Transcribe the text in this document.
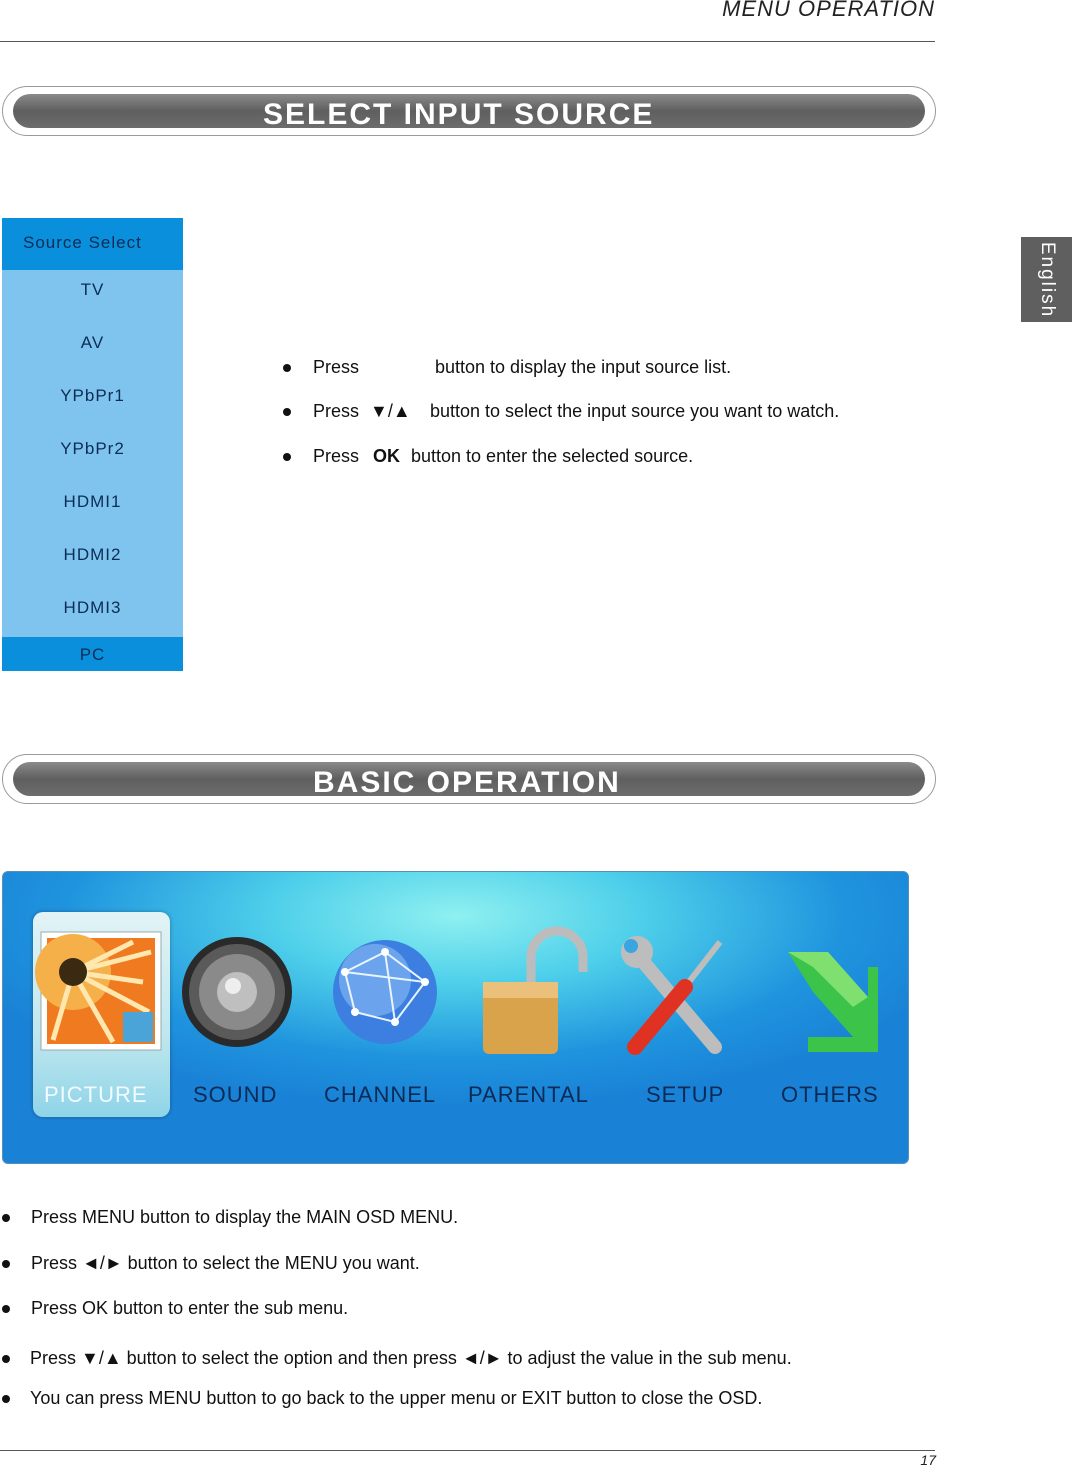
MENU OPERATION
English
SELECT INPUT SOURCE
Source Select
TV
AV
YPbPr1
YPbPr2
HDMI1
HDMI2
HDMI3
PC
Press	button to display the input source list.
Press ▼/▲ button to select the input source you want to watch.
Press OK button to enter the selected source.
BASIC OPERATION
PICTURE SOUND CHANNEL PARENTAL	SETUP	OTHERS
Press MENU button to display the MAIN OSD MENU.
Press ◄/► button to select the MENU you want.
Press OK button to enter the sub menu.
Press ▼/▲ button to select the option and then press ◄/► to adjust the value in the sub menu.
You can press MENU button to go back to the upper menu or EXIT button to close the OSD.
17
